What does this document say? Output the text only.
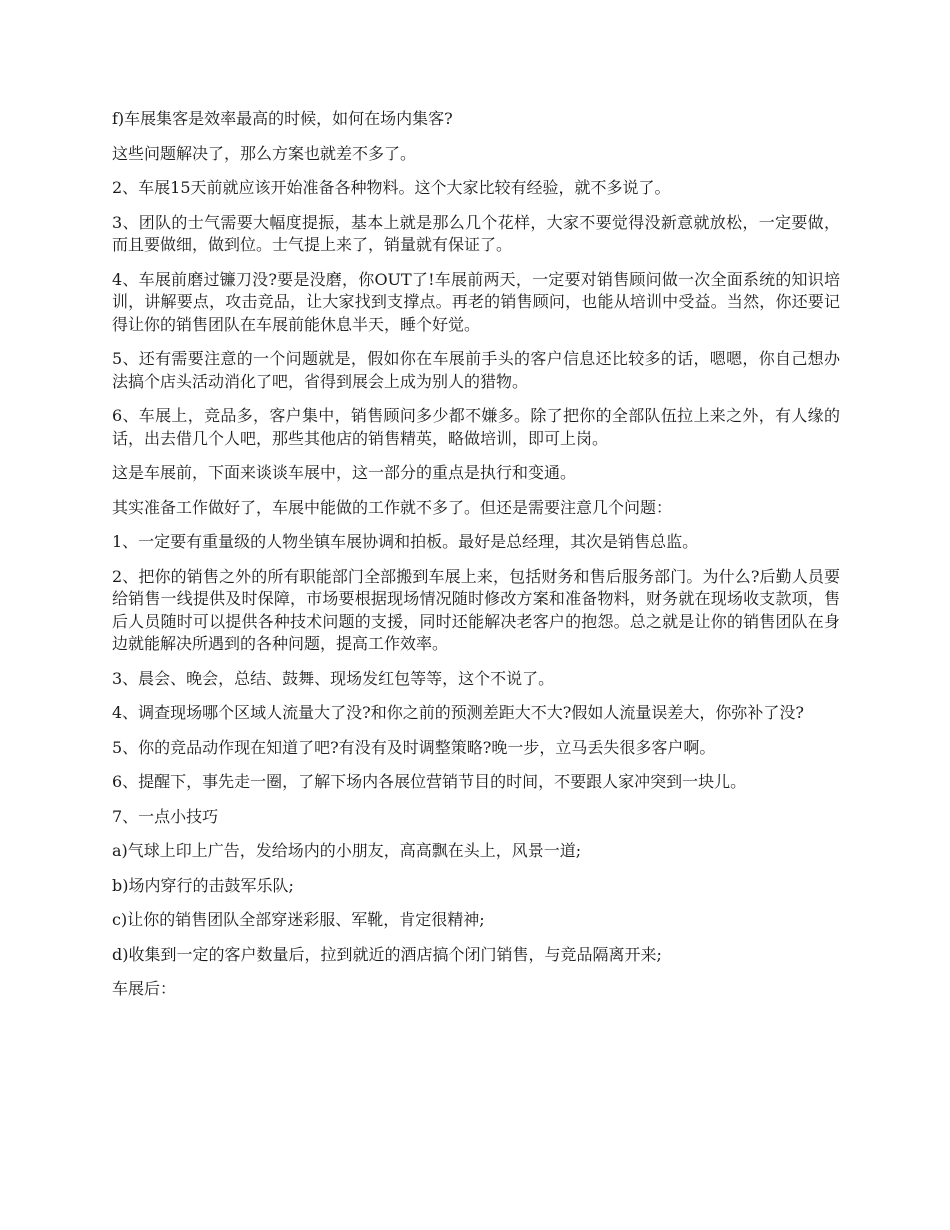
f)车展集客是效率最高的时候，如何在场内集客?

这些问题解决了，那么方案也就差不多了。

2、车展15天前就应该开始准备各种物料。这个大家比较有经验，就不多说了。

3、团队的士气需要大幅度提振，基本上就是那么几个花样，大家不要觉得没新意就放松，一定要做，而且要做细，做到位。士气提上来了，销量就有保证了。

4、车展前磨过镰刀没?要是没磨，你OUT了!车展前两天，一定要对销售顾问做一次全面系统的知识培训，讲解要点，攻击竞品，让大家找到支撑点。再老的销售顾问，也能从培训中受益。当然，你还要记得让你的销售团队在车展前能休息半天，睡个好觉。

5、还有需要注意的一个问题就是，假如你在车展前手头的客户信息还比较多的话，嗯嗯，你自己想办法搞个店头活动消化了吧，省得到展会上成为别人的猎物。

6、车展上，竞品多，客户集中，销售顾问多少都不嫌多。除了把你的全部队伍拉上来之外，有人缘的话，出去借几个人吧，那些其他店的销售精英，略做培训，即可上岗。

这是车展前，下面来谈谈车展中，这一部分的重点是执行和变通。

其实准备工作做好了，车展中能做的工作就不多了。但还是需要注意几个问题：

1、一定要有重量级的人物坐镇车展协调和拍板。最好是总经理，其次是销售总监。

2、把你的销售之外的所有职能部门全部搬到车展上来，包括财务和售后服务部门。为什么?后勤人员要给销售一线提供及时保障，市场要根据现场情况随时修改方案和准备物料，财务就在现场收支款项，售后人员随时可以提供各种技术问题的支援，同时还能解决老客户的抱怨。总之就是让你的销售团队在身边就能解决所遇到的各种问题，提高工作效率。

3、晨会、晚会，总结、鼓舞、现场发红包等等，这个不说了。

4、调查现场哪个区域人流量大了没?和你之前的预测差距大不大?假如人流量误差大，你弥补了没?

5、你的竞品动作现在知道了吧?有没有及时调整策略?晚一步，立马丢失很多客户啊。

6、提醒下，事先走一圈，了解下场内各展位营销节目的时间，不要跟人家冲突到一块儿。

7、一点小技巧

a)气球上印上广告，发给场内的小朋友，高高飘在头上，风景一道;

b)场内穿行的击鼓军乐队;

c)让你的销售团队全部穿迷彩服、军靴，肯定很精神;

d)收集到一定的客户数量后，拉到就近的酒店搞个闭门销售，与竞品隔离开来;

车展后：
